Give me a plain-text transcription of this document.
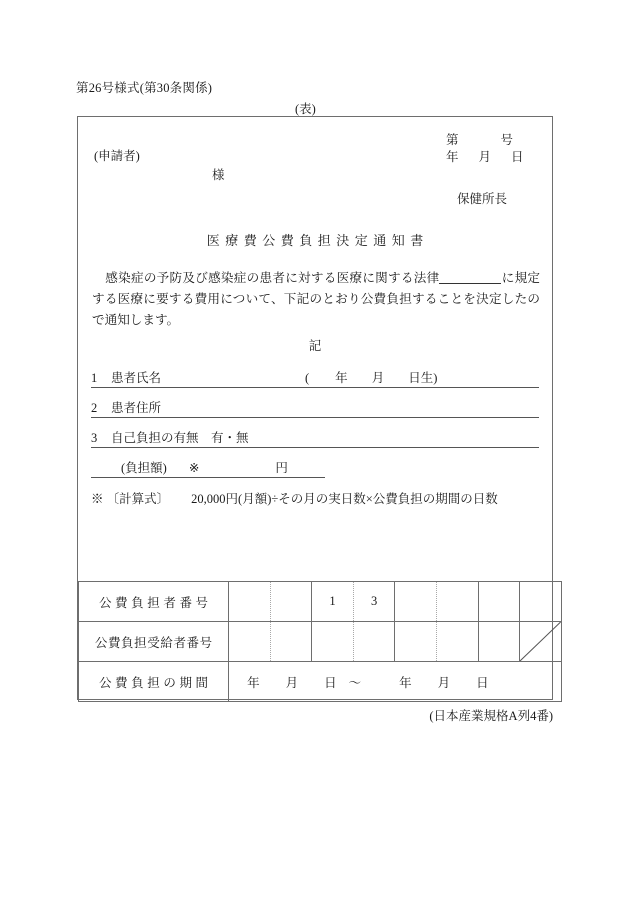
第26号様式(第30条関係)
(表)
(申請者)
様
第	号
年 月 日
保健所長
医療費公費負担決定通知書
感染症の予防及び感染症の患者に対する医療に関する法律	に規定する医療に要する費用について、下記のとおり公費負担することを決定したので通知します。
記
1 患者氏名	( 年 月 日生)
2 患者住所
3 自己負担の有無　有・無
(負担額) ※	円
※ 〔計算式〕 20,000円(月額)÷その月の実日数×公費負担の期間の日数
公費負担者番号			1	3				
公費負担受給者番号								

公費負担の期間	年 月 日 〜 年 月 日							
(日本産業規格A列4番)
